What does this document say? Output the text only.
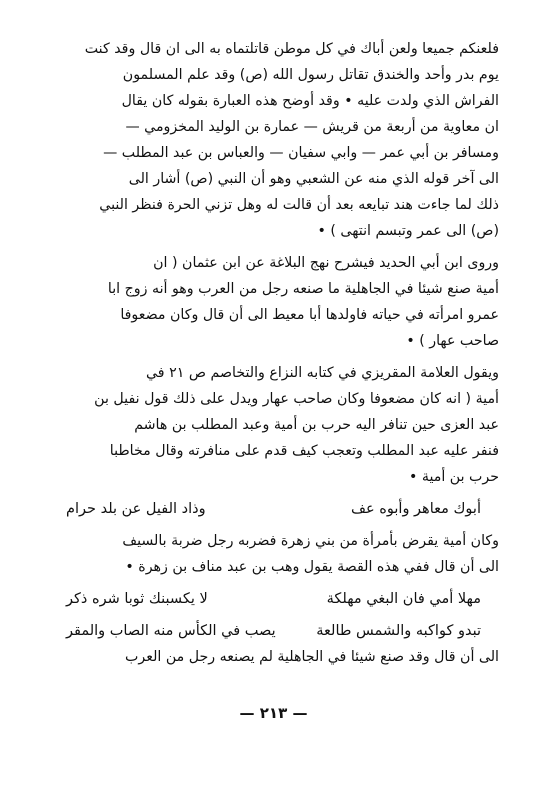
فلعنكم جميعا ولعن أباك في كل موطن قاتلتماه به الى ان قال وقد كنت

يوم بدر وأحد والخندق تقاتل رسول الله (ص) وقد علم المسلمون

الفراش الذي ولدت عليه • وقد أوضح هذه العبارة بقوله كان يقال

ان معاوية من أربعة من قريش — عمارة بن الوليد المخزومي —

ومسافر بن أبي عمر — وابي سفيان — والعباس بن عبد المطلب —

الى آخر قوله الذي منه عن الشعبي وهو أن النبي (ص) أشار الى

ذلك لما جاءت هند تبايعه بعد أن قالت له وهل تزني الحرة فنظر النبي

(ص) الى عمر وتبسم انتهى ) •

وروى ابن أبي الحديد فيشرح نهج البلاغة عن ابن عثمان ( ان

أمية صنع شيئا في الجاهلية ما صنعه رجل من العرب وهو أنه زوج ابا

عمرو امرأته في حياته فاولدها أبا معيط الى أن قال وكان مضعوفا

صاحب عهار ) •

ويقول العلامة المقريزي في كتابه النزاع والتخاصم ص ٢١ في

أمية ( انه كان مضعوفا وكان صاحب عهار ويدل على ذلك قول نفيل بن

عبد العزى حين تنافر اليه حرب بن أمية وعبد المطلب بن هاشم

فنفر عليه عبد المطلب وتعجب كيف قدم على منافرته وقال مخاطبا

حرب بن أمية •

أبوك معاهر وأبوه عف
وذاد الفيل عن بلد حرام

وكان أمية يقرض بأمرأة من بني زهرة فضربه رجل ضربة بالسيف

الى أن قال ففي هذه القصة يقول وهب بن عبد مناف بن زهرة •

مهلا أمي فان البغي مهلكة
لا يكسبنك ثوبا شره ذكر
تبدو كواكبه والشمس طالعة
يصب في الكأس منه الصاب والمقر

الى أن قال وقد صنع شيئا في الجاهلية لم يصنعه رجل من العرب

— ٢١٣ —
